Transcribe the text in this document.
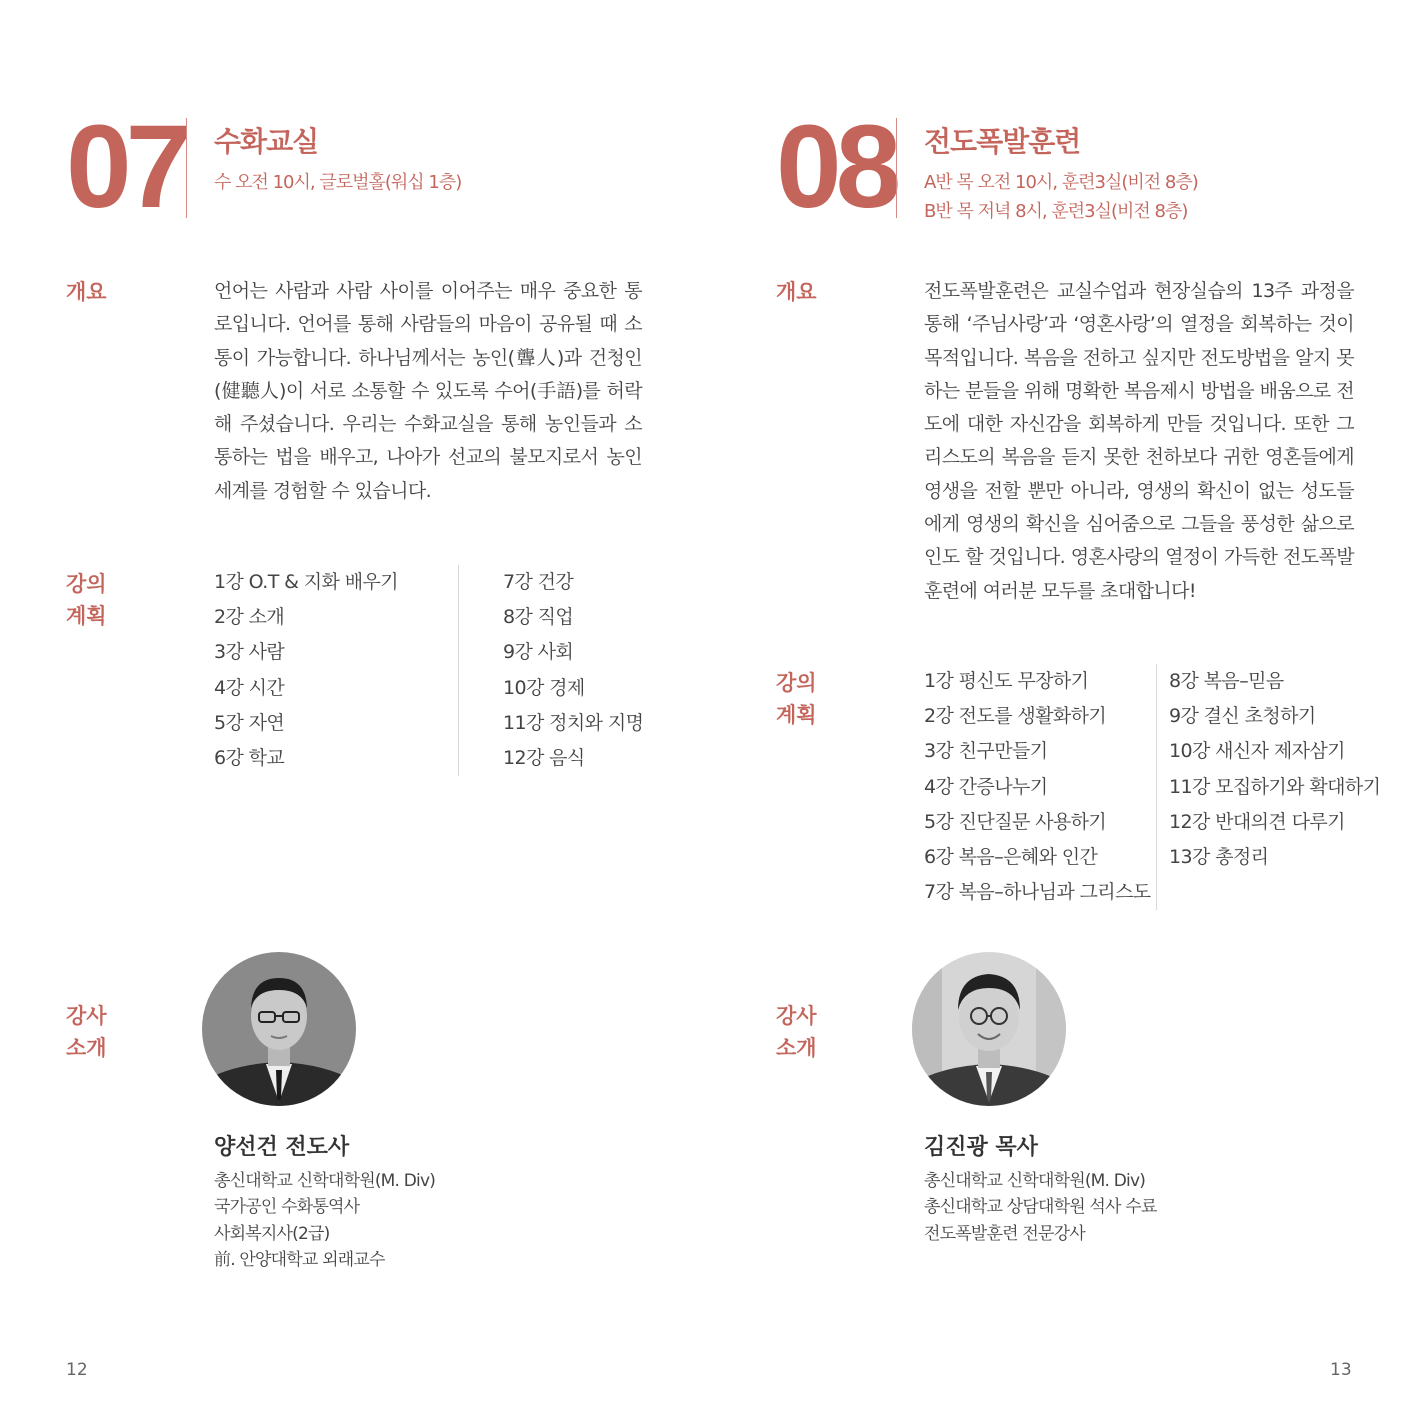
07 수화교실
수 오전 10시, 글로벌홀(워십 1층)
개요	언어는 사람과 사람 사이를 이어주는 매우 중요한 통로입니다. 언어를 통해 사람들의 마음이 공유될 때 소통이 가능합니다. 하나님께서는 농인(聾人)과 건청인(健聽人)이 서로 소통할 수 있도록 수어(手語)를 허락해 주셨습니다. 우리는 수화교실을 통해 농인들과 소통하는 법을 배우고, 나아가 선교의 불모지로서 농인 세계를 경험할 수 있습니다.
강의
계획
1강 O.T & 지화 배우기
2강 소개
3강 사람
4강 시간
5강 자연
6강 학교
7강 건강
8강 직업
9강 사회
10강 경제
11강 정치와 지명
12강 음식
강사
소개
양선건 전도사
총신대학교 신학대학원(M. Div)
국가공인 수화통역사
사회복지사(2급)
前. 안양대학교 외래교수
12
08 전도폭발훈련
A반 목 오전 10시, 훈련3실(비전 8층)
B반 목 저녁 8시, 훈련3실(비전 8층)
개요	전도폭발훈련은 교실수업과 현장실습의 13주 과정을 통해 ‘주님사랑’과 ‘영혼사랑’의 열정을 회복하는 것이 목적입니다. 복음을 전하고 싶지만 전도방법을 알지 못하는 분들을 위해 명확한 복음제시 방법을 배움으로 전도에 대한 자신감을 회복하게 만들 것입니다. 또한 그리스도의 복음을 듣지 못한 천하보다 귀한 영혼들에게 영생을 전할 뿐만 아니라, 영생의 확신이 없는 성도들에게 영생의 확신을 심어줌으로 그들을 풍성한 삶으로 인도 할 것입니다. 영혼사랑의 열정이 가득한 전도폭발훈련에 여러분 모두를 초대합니다!
강의
계획
1강 평신도 무장하기
2강 전도를 생활화하기
3강 친구만들기
4강 간증나누기
5강 진단질문 사용하기
6강 복음–은혜와 인간
7강 복음–하나님과 그리스도
8강 복음–믿음
9강 결신 초청하기
10강 새신자 제자삼기
11강 모집하기와 확대하기
12강 반대의견 다루기
13강 총정리
강사
소개
김진광 목사
총신대학교 신학대학원(M. Div)
총신대학교 상담대학원 석사 수료
전도폭발훈련 전문강사
13
